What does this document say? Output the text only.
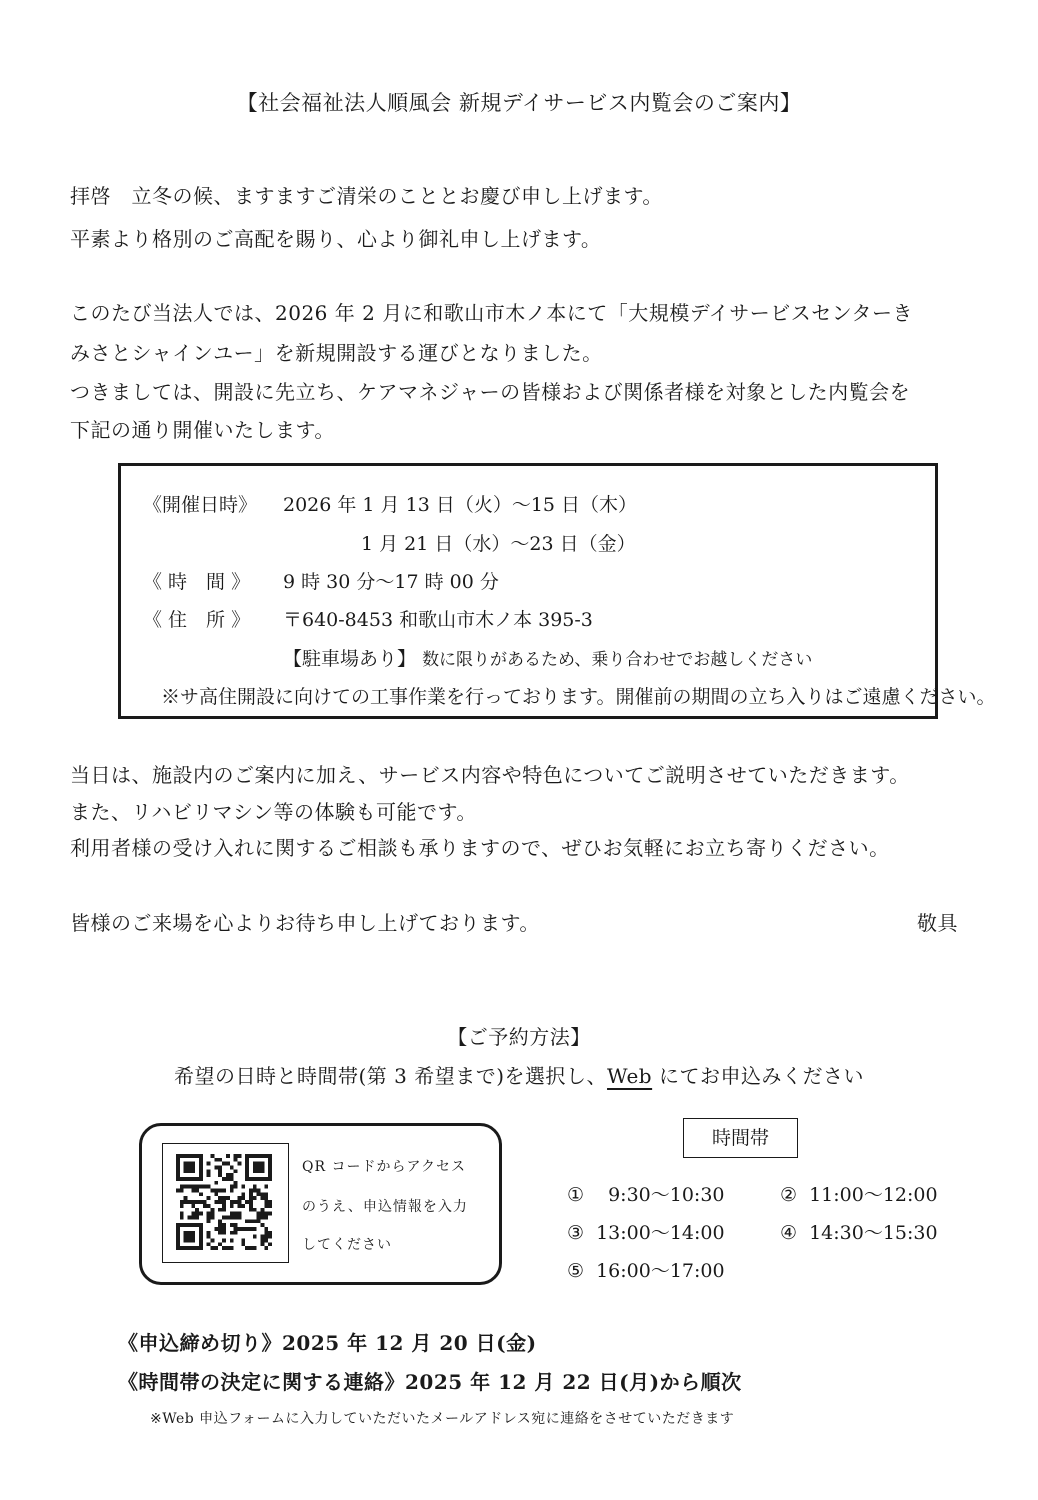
【社会福祉法人順風会 新規デイサービス内覧会のご案内】
拝啓　立冬の候、ますますご清栄のこととお慶び申し上げます。
平素より格別のご高配を賜り、心より御礼申し上げます。
このたび当法人では、2026 年 2 月に和歌山市木ノ本にて「大規模デイサービスセンターき
みさとシャインユー」を新規開設する運びとなりました。
つきましては、開設に先立ち、ケアマネジャーの皆様および関係者様を対象とした内覧会を
下記の通り開催いたします。
《開催日時》 2026 年 1 月 13 日（火）～15 日（木）
1 月 21 日（水）～23 日（金）
《 時　間 》 9 時 30 分～17 時 00 分
《 住　所 》 〒640-8453 和歌山市木ノ本 395-3
【駐車場あり】 数に限りがあるため、乗り合わせでお越しください
※サ高住開設に向けての工事作業を行っております。開催前の期間の立ち入りはご遠慮ください。
当日は、施設内のご案内に加え、サービス内容や特色についてご説明させていただきます。
また、リハビリマシン等の体験も可能です。
利用者様の受け入れに関するご相談も承りますので、ぜひお気軽にお立ち寄りください。
皆様のご来場を心よりお待ち申し上げております。	敬具
【ご予約方法】
希望の日時と時間帯(第 3 希望まで)を選択し、Web にてお申込みください
QR コードからアクセス
のうえ、申込情報を入力
してください
時間帯
① 9:30～10:30	② 11:00～12:00
③ 13:00～14:00	④ 14:30～15:30
⑤ 16:00～17:00
《申込締め切り》2025 年 12 月 20 日(金)
《時間帯の決定に関する連絡》2025 年 12 月 22 日(月)から順次
※Web 申込フォームに入力していただいたメールアドレス宛に連絡をさせていただきます
